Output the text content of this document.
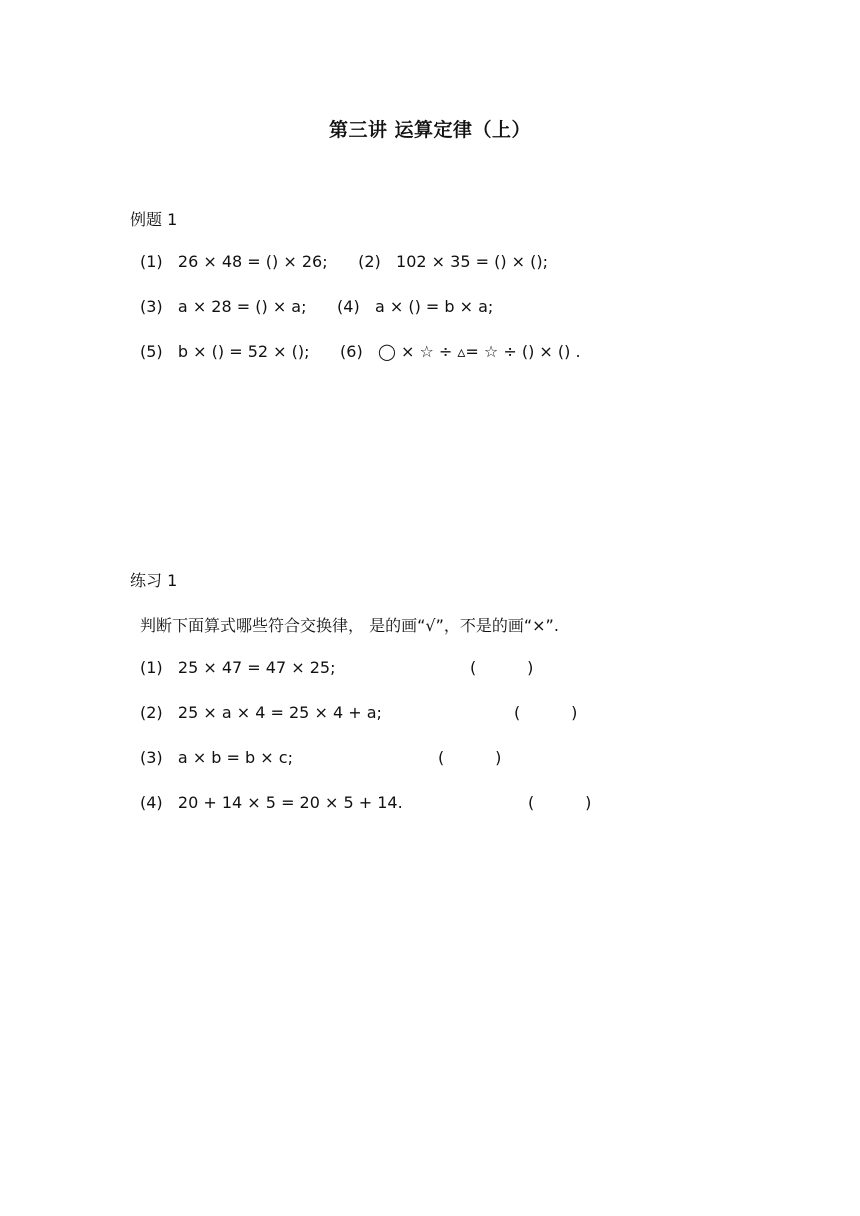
第三讲 运算定律（上）
例题 1
(1)   26 × 48 = () × 26;      (2)   102 × 35 = () × ();
(3)   a × 28 = () × a;      (4)   a × () = b × a;
(5)   b × () = 52 × ();      (6)   ◯ × ☆ ÷ ▵= ☆ ÷ () × () .
练习 1
判断下面算式哪些符合交换律， 是的画“√”，不是的画“×”.
(1)   25 × 47 = 47 × 25;	(          )
(2)   25 × a × 4 = 25 × 4 + a;	(          )
(3)   a × b = b × c;	(          )
(4)   20 + 14 × 5 = 20 × 5 + 14.	(          )
